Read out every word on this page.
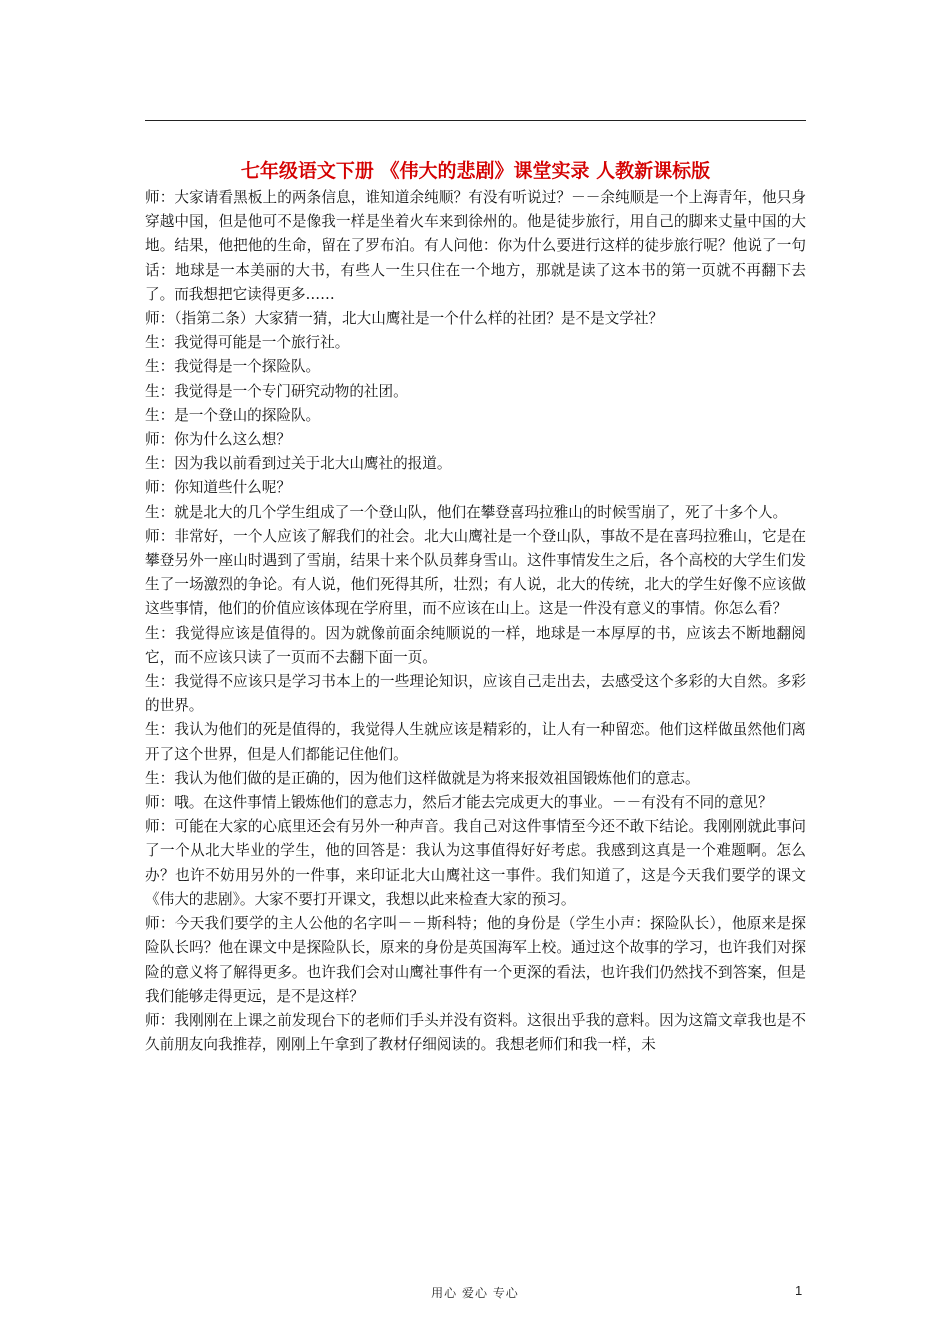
七年级语文下册 《伟大的悲剧》课堂实录 人教新课标版

师：大家请看黑板上的两条信息，谁知道余纯顺？有没有听说过？－－余纯顺是一个上海青年，他只身穿越中国，但是他可不是像我一样是坐着火车来到徐州的。他是徒步旅行，用自己的脚来丈量中国的大地。结果，他把他的生命，留在了罗布泊。有人问他：你为什么要进行这样的徒步旅行呢？他说了一句话：地球是一本美丽的大书，有些人一生只住在一个地方，那就是读了这本书的第一页就不再翻下去了。而我想把它读得更多……

师：（指第二条）大家猜一猜，北大山鹰社是一个什么样的社团？是不是文学社？

生：我觉得可能是一个旅行社。

生：我觉得是一个探险队。

生：我觉得是一个专门研究动物的社团。

生：是一个登山的探险队。

师：你为什么这么想？

生：因为我以前看到过关于北大山鹰社的报道。

师：你知道些什么呢？

生：就是北大的几个学生组成了一个登山队，他们在攀登喜玛拉雅山的时候雪崩了，死了十多个人。

师：非常好，一个人应该了解我们的社会。北大山鹰社是一个登山队，事故不是在喜玛拉雅山，它是在攀登另外一座山时遇到了雪崩，结果十来个队员葬身雪山。这件事情发生之后，各个高校的大学生们发生了一场激烈的争论。有人说，他们死得其所，壮烈；有人说，北大的传统，北大的学生好像不应该做这些事情，他们的价值应该体现在学府里，而不应该在山上。这是一件没有意义的事情。你怎么看？

生：我觉得应该是值得的。因为就像前面余纯顺说的一样，地球是一本厚厚的书，应该去不断地翻阅它，而不应该只读了一页而不去翻下面一页。

生：我觉得不应该只是学习书本上的一些理论知识，应该自己走出去，去感受这个多彩的大自然。多彩的世界。

生：我认为他们的死是值得的，我觉得人生就应该是精彩的，让人有一种留恋。他们这样做虽然他们离开了这个世界，但是人们都能记住他们。

生：我认为他们做的是正确的，因为他们这样做就是为将来报效祖国锻炼他们的意志。

师：哦。在这件事情上锻炼他们的意志力，然后才能去完成更大的事业。－－有没有不同的意见？

师：可能在大家的心底里还会有另外一种声音。我自己对这件事情至今还不敢下结论。我刚刚就此事问了一个从北大毕业的学生，他的回答是：我认为这事值得好好考虑。我感到这真是一个难题啊。怎么办？也许不妨用另外的一件事，来印证北大山鹰社这一事件。我们知道了，这是今天我们要学的课文《伟大的悲剧》。大家不要打开课文，我想以此来检查大家的预习。

师：今天我们要学的主人公他的名字叫－－斯科特；他的身份是（学生小声：探险队长），他原来是探险队长吗？他在课文中是探险队长，原来的身份是英国海军上校。通过这个故事的学习，也许我们对探险的意义将了解得更多。也许我们会对山鹰社事件有一个更深的看法，也许我们仍然找不到答案，但是我们能够走得更远，是不是这样？

师：我刚刚在上课之前发现台下的老师们手头并没有资料。这很出乎我的意料。因为这篇文章我也是不久前朋友向我推荐，刚刚上午拿到了教材仔细阅读的。我想老师们和我一样，未

用心 爱心 专心	1
